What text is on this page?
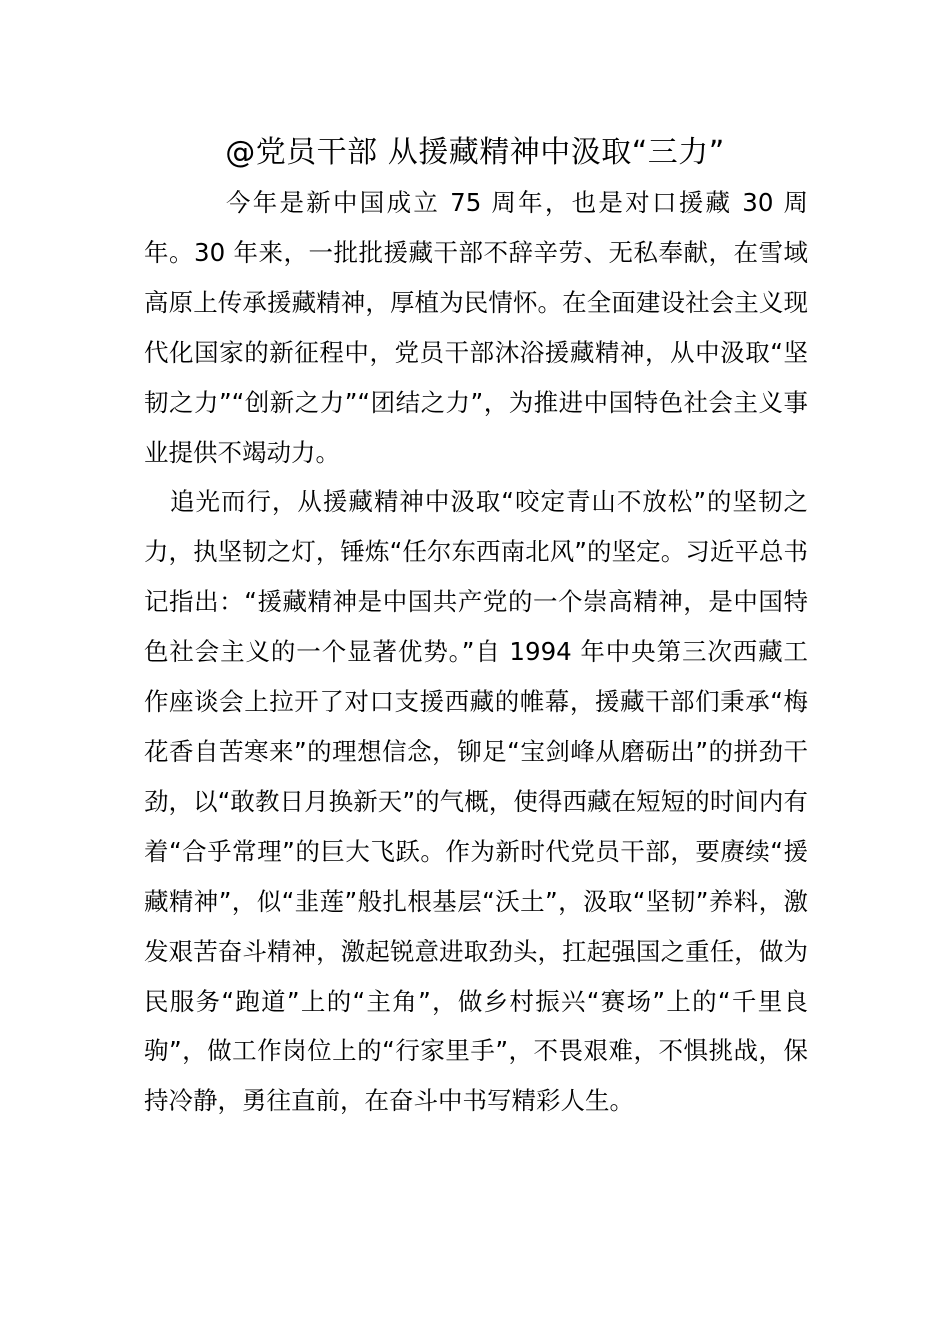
@党员干部 从援藏精神中汲取“三力”

今年是新中国成立 75 周年，也是对口援藏 30 周年。30 年来，一批批援藏干部不辞辛劳、无私奉献，在雪域高原上传承援藏精神，厚植为民情怀。在全面建设社会主义现代化国家的新征程中，党员干部沐浴援藏精神，从中汲取“坚韧之力”“创新之力”“团结之力”，为推进中国特色社会主义事业提供不竭动力。

追光而行，从援藏精神中汲取“咬定青山不放松”的坚韧之力，执坚韧之灯，锤炼“任尔东西南北风”的坚定。习近平总书记指出：“援藏精神是中国共产党的一个崇高精神，是中国特色社会主义的一个显著优势。”自 1994 年中央第三次西藏工作座谈会上拉开了对口支援西藏的帷幕，援藏干部们秉承“梅花香自苦寒来”的理想信念，铆足“宝剑峰从磨砺出”的拼劲干劲，以“敢教日月换新天”的气概，使得西藏在短短的时间内有着“合乎常理”的巨大飞跃。作为新时代党员干部，要赓续“援藏精神”，似“韭莲”般扎根基层“沃土”，汲取“坚韧”养料，激发艰苦奋斗精神，激起锐意进取劲头，扛起强国之重任，做为民服务“跑道”上的“主角”，做乡村振兴“赛场”上的“千里良驹”，做工作岗位上的“行家里手”，不畏艰难，不惧挑战，保持冷静，勇往直前，在奋斗中书写精彩人生。
